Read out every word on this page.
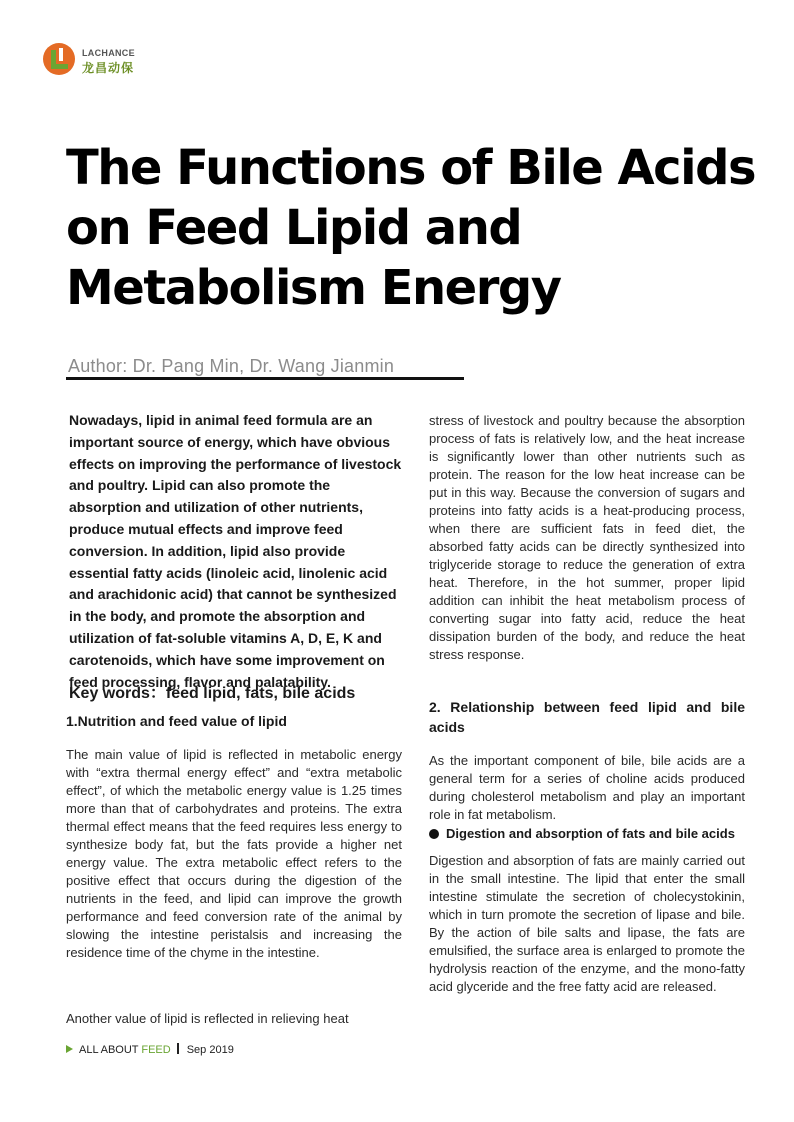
LACHANCE
龙昌动保
The Functions of Bile Acids on Feed Lipid and Metabolism Energy
Author: Dr. Pang Min, Dr. Wang Jianmin

Nowadays, lipid in animal feed formula are an important source of energy, which have obvious effects on improving the performance of livestock and poultry. Lipid can also promote the absorption and utilization of other nutrients, produce mutual effects and improve feed conversion. In addition, lipid also provide essential fatty acids (linoleic acid, linolenic acid and arachidonic acid) that cannot be synthesized in the body, and promote the absorption and utilization of fat-soluble vitamins A, D, E, K and carotenoids, which have some improvement on feed processing, flavor and palatability.

Key words：feed lipid, fats, bile acids

1.Nutrition and feed value of lipid

The main value of lipid is reflected in metabolic energy with “extra thermal energy effect” and “extra metabolic effect”, of which the metabolic energy value is 1.25 times more than that of carbohydrates and proteins. The extra thermal effect means that the feed requires less energy to synthesize body fat, but the fats provide a higher net energy value. The extra metabolic effect refers to the positive effect that occurs during the digestion of the nutrients in the feed, and lipid can improve the growth performance and feed conversion rate of the animal by slowing the intestine peristalsis and increasing the residence time of the chyme in the intestine.

Another value of lipid is reflected in relieving heat

stress of livestock and poultry because the absorption process of fats is relatively low, and the heat increase is significantly lower than other nutrients such as protein. The reason for the low heat increase can be put in this way. Because the conversion of sugars and proteins into fatty acids is a heat-producing process, when there are sufficient fats in feed diet, the absorbed fatty acids can be directly synthesized into triglyceride storage to reduce the generation of extra heat. Therefore, in the hot summer, proper lipid addition can inhibit the heat metabolism process of converting sugar into fatty acid, reduce the heat dissipation burden of the body, and reduce the heat stress response.

2. Relationship between feed lipid and bile acids

As the important component of bile, bile acids are a general term for a series of choline acids produced during cholesterol metabolism and play an important role in fat metabolism.

Digestion and absorption of fats and bile acids

Digestion and absorption of fats are mainly carried out in the small intestine. The lipid that enter the small intestine stimulate the secretion of cholecystokinin, which in turn promote the secretion of lipase and bile. By the action of bile salts and lipase, the fats are emulsified, the surface area is enlarged to promote the hydrolysis reaction of the enzyme, and the mono-fatty acid glyceride and the free fatty acid are released.

ALL ABOUT FEED Sep 2019
